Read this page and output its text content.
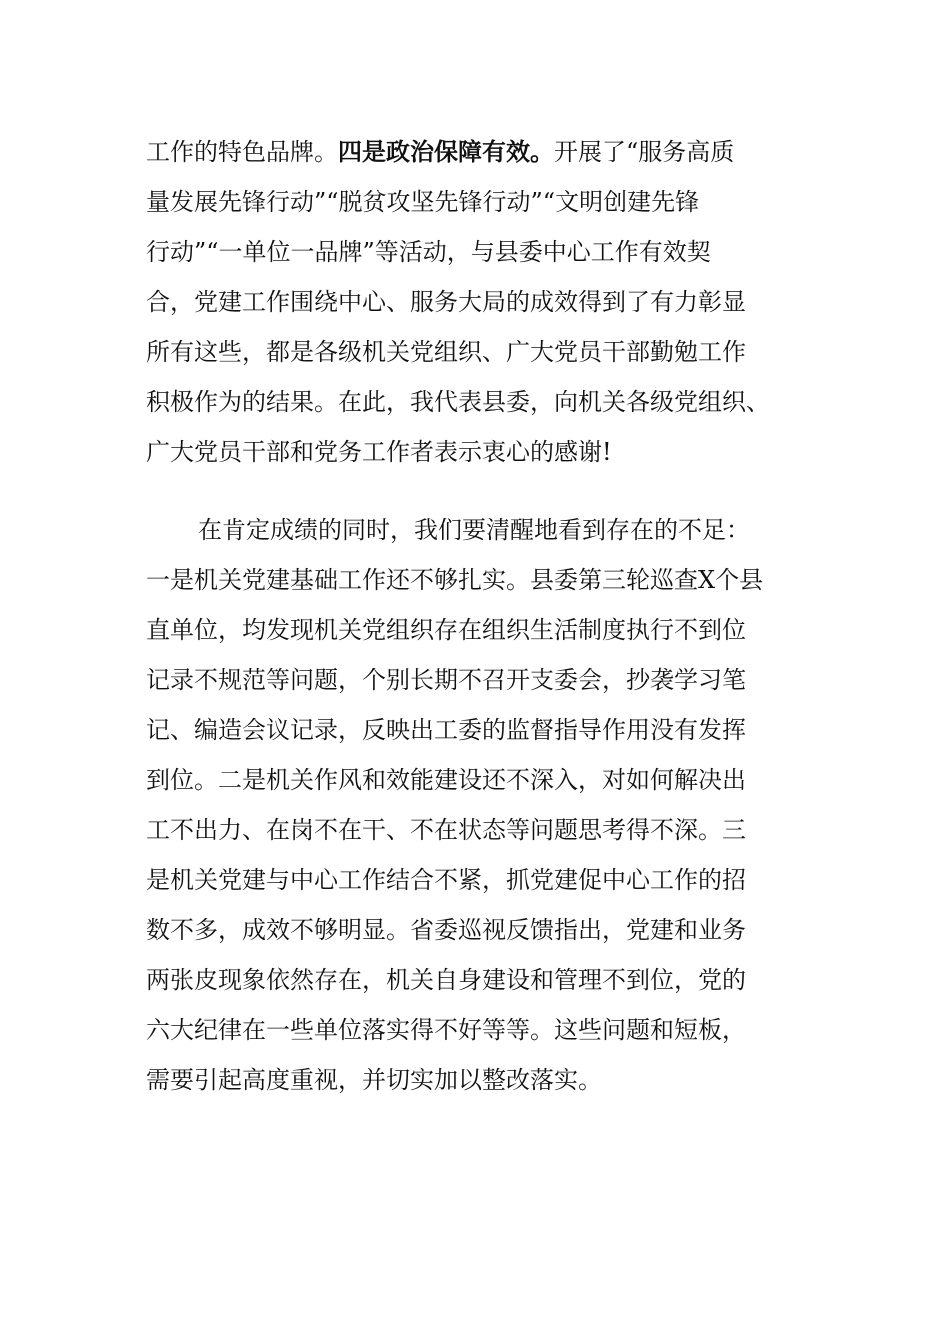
工作的特色品牌。四是政治保障有效。开展了“服务高质
量发展先锋行动”“脱贫攻坚先锋行动”“文明创建先锋
行动”“一单位一品牌”等活动，与县委中心工作有效契
合，党建工作围绕中心、服务大局的成效得到了有力彰显
所有这些，都是各级机关党组织、广大党员干部勤勉工作
积极作为的结果。在此，我代表县委，向机关各级党组织、
广大党员干部和党务工作者表示衷心的感谢!
在肯定成绩的同时，我们要清醒地看到存在的不足：
一是机关党建基础工作还不够扎实。县委第三轮巡查X个县
直单位，均发现机关党组织存在组织生活制度执行不到位
记录不规范等问题，个别长期不召开支委会，抄袭学习笔
记、编造会议记录，反映出工委的监督指导作用没有发挥
到位。二是机关作风和效能建设还不深入，对如何解决出
工不出力、在岗不在干、不在状态等问题思考得不深。三
是机关党建与中心工作结合不紧，抓党建促中心工作的招
数不多，成效不够明显。省委巡视反馈指出，党建和业务
两张皮现象依然存在，机关自身建设和管理不到位，党的
六大纪律在一些单位落实得不好等等。这些问题和短板，
需要引起高度重视，并切实加以整改落实。
